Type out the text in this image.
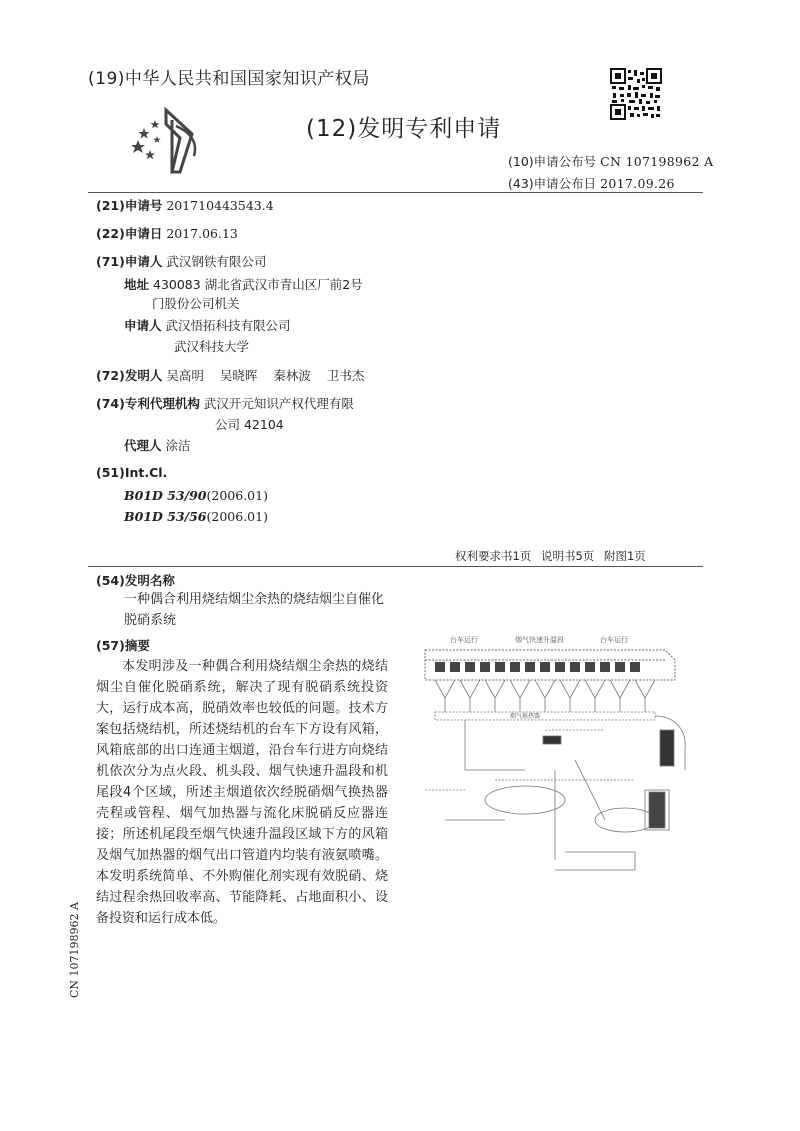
(19)中华人民共和国国家知识产权局
(12)发明专利申请
(10)申请公布号 CN 107198962 A
(43)申请公布日 2017.09.26
(21)申请号 201710443543.4
(22)申请日 2017.06.13
(71)申请人 武汉钢铁有限公司
地址 430083 湖北省武汉市青山区厂前2号
门股份公司机关
申请人 武汉悟拓科技有限公司
武汉科技大学
(72)发明人 吴高明 吴晓晖 秦林波 卫书杰
(74)专利代理机构 武汉开元知识产权代理有限
公司 42104
代理人 涂洁
(51)Int.Cl.
B01D 53/90(2006.01)
B01D 53/56(2006.01)
权利要求书1页 说明书5页 附图1页
(54)发明名称
一种偶合利用烧结烟尘余热的烧结烟尘自催化脱硝系统
(57)摘要
本发明涉及一种偶合利用烧结烟尘余热的烧结烟尘自催化脱硝系统，解决了现有脱硝系统投资大，运行成本高，脱硝效率也较低的问题。技术方案包括烧结机，所述烧结机的台车下方设有风箱，风箱底部的出口连通主烟道，沿台车行进方向烧结机依次分为点火段、机头段、烟气快速升温段和机尾段4个区域，所述主烟道依次经脱硝烟气换热器壳程或管程、烟气加热器与流化床脱硝反应器连接；所述机尾段至烟气快速升温段区域下方的风箱及烟气加热器的烟气出口管道内均装有液氨喷嘴。本发明系统简单、不外购催化剂实现有效脱硝、烧结过程余热回收率高、节能降耗、占地面积小、设备投资和运行成本低。
台车运行	烟气快速升温段	台车运行
烟气换热器
CN 107198962 A
